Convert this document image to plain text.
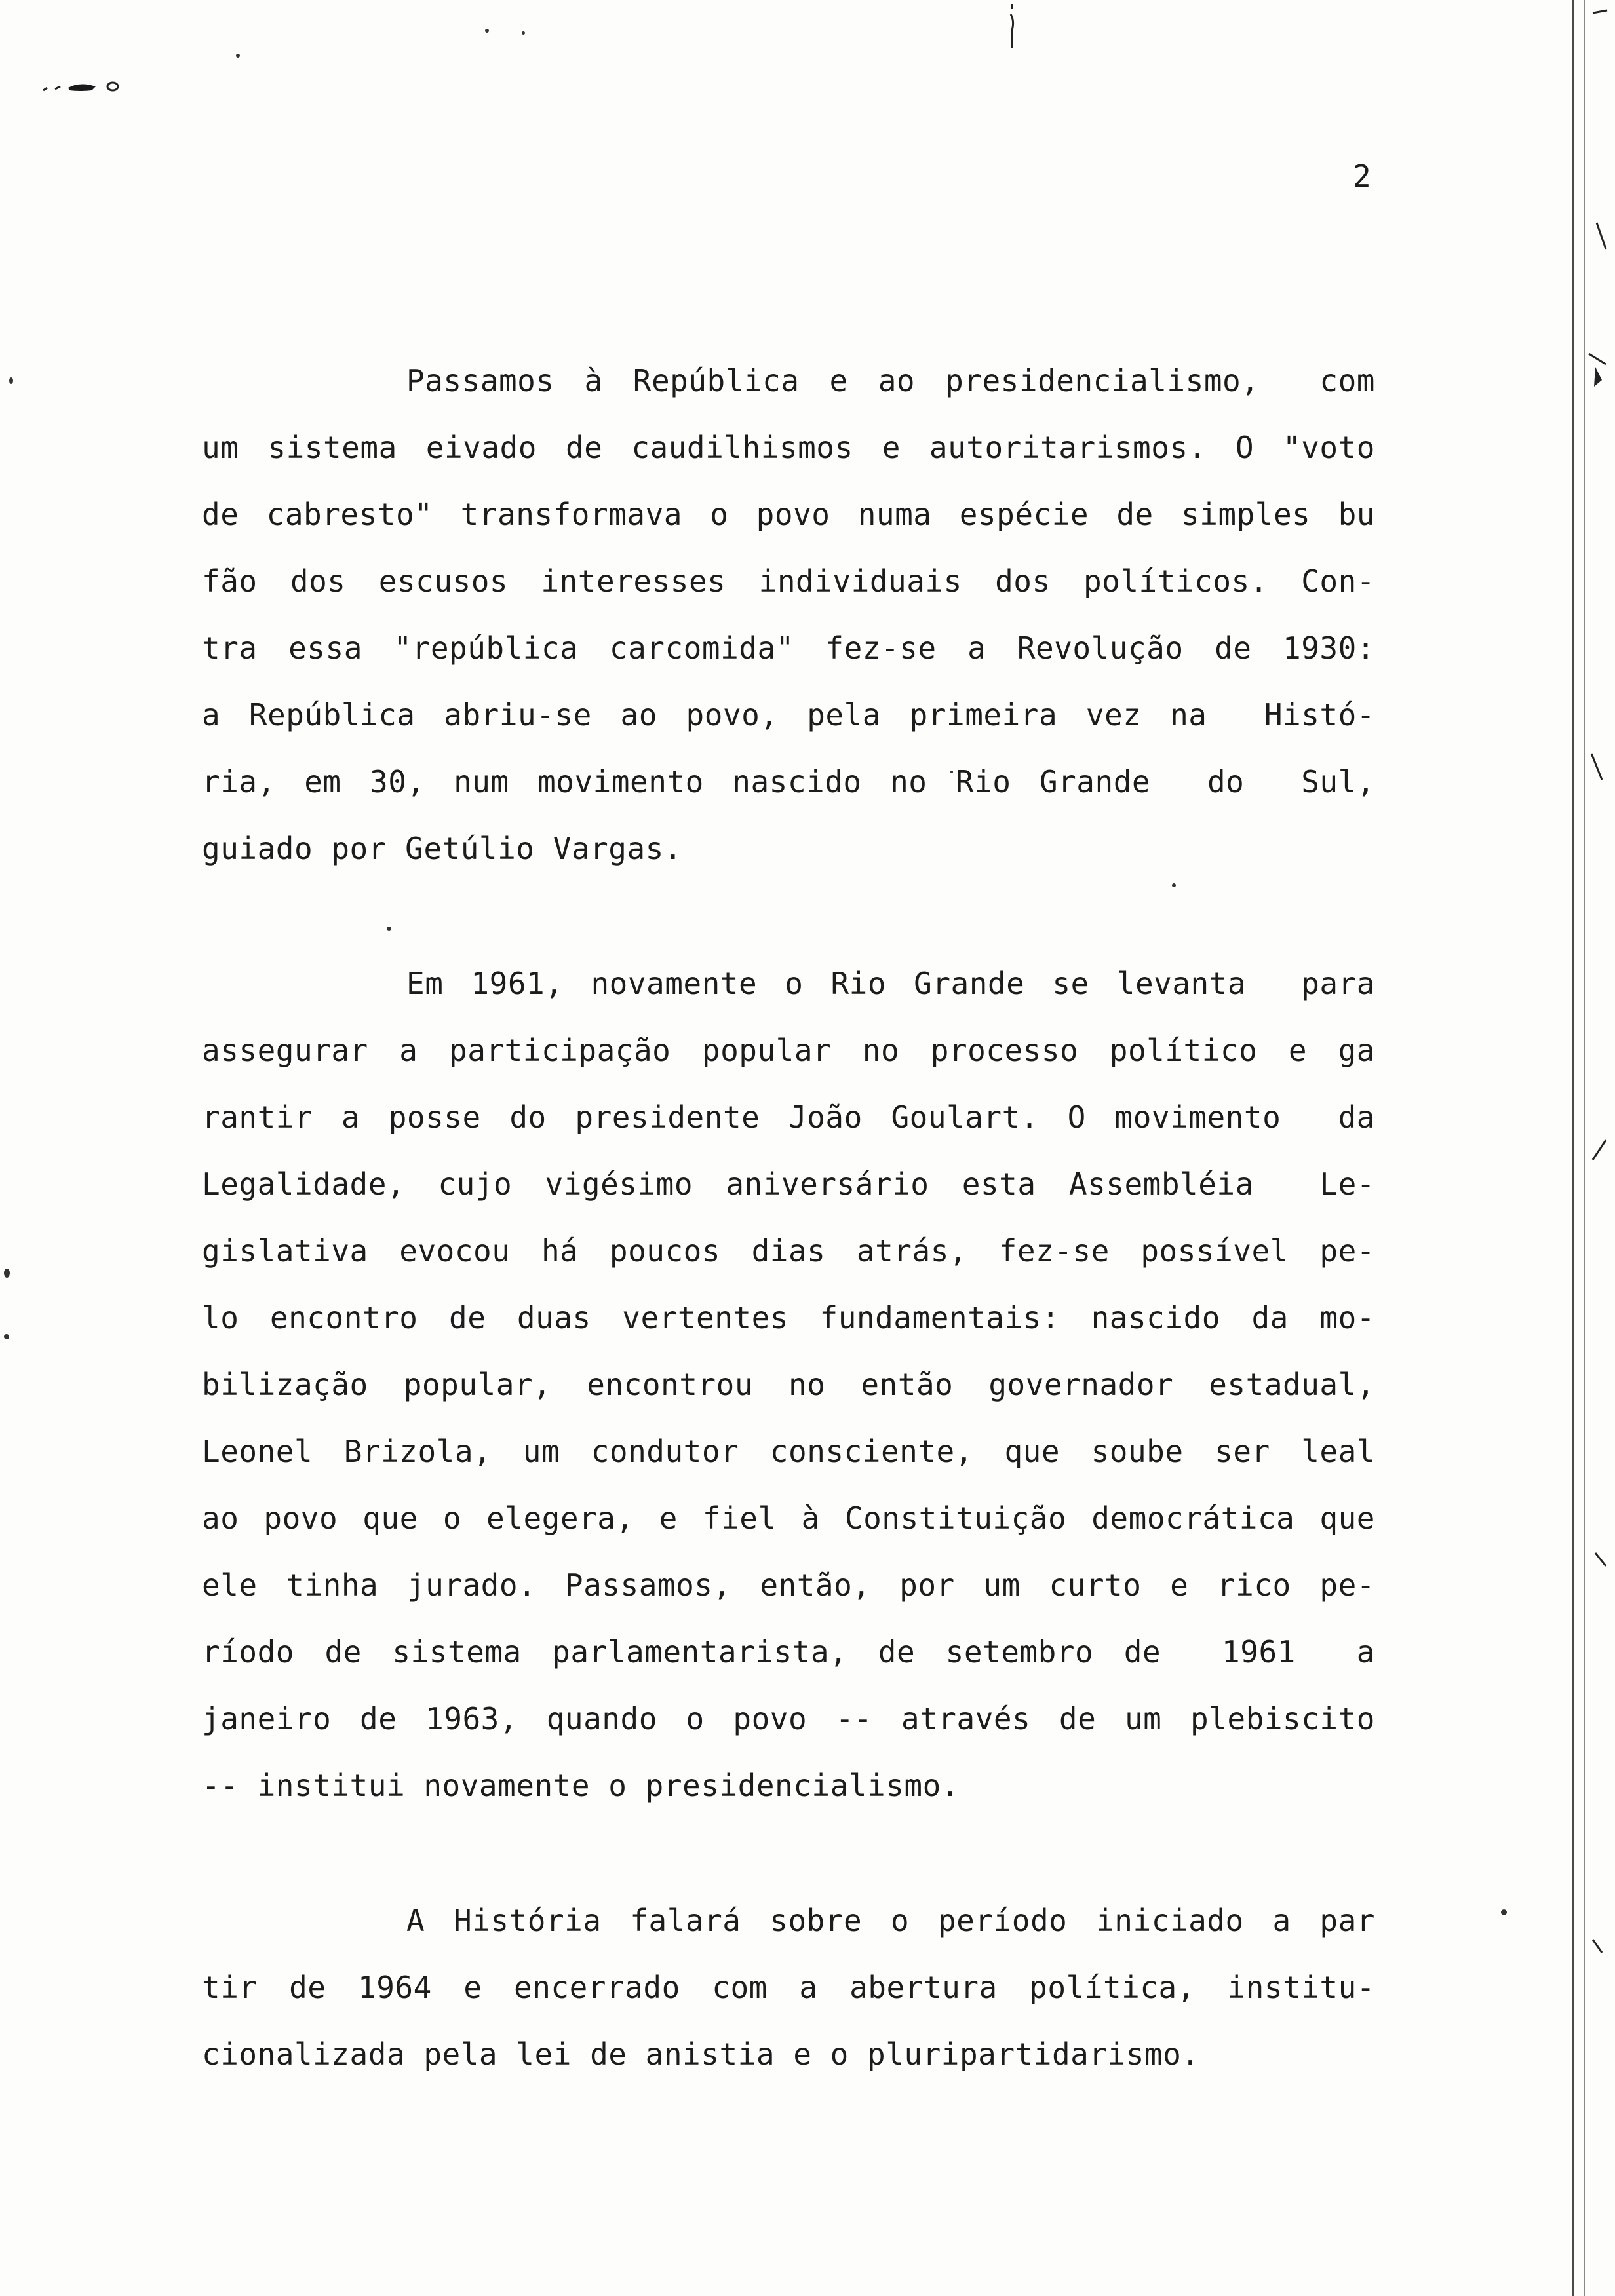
2
Passamos à República e ao presidencialismo,  com
um sistema eivado de caudilhismos e autoritarismos. O "voto
de cabresto" transformava o povo numa espécie de simples bu
fão dos escusos interesses individuais dos políticos. Con-
tra essa "república carcomida" fez-se a Revolução de 1930:
a República abriu-se ao povo, pela primeira vez na  Histó-
ria, em 30, num movimento nascido no Rio Grande  do  Sul,
guiado por Getúlio Vargas.
Em 1961, novamente o Rio Grande se levanta  para
assegurar a participação popular no processo político e ga
rantir a posse do presidente João Goulart. O movimento  da
Legalidade, cujo vigésimo aniversário esta Assembléia  Le-
gislativa evocou há poucos dias atrás, fez-se possível pe-
lo encontro de duas vertentes fundamentais: nascido da mo-
bilização popular, encontrou no então governador estadual,
Leonel Brizola, um condutor consciente, que soube ser leal
ao povo que o elegera, e fiel à Constituição democrática que
ele tinha jurado. Passamos, então, por um curto e rico pe-
ríodo de sistema parlamentarista, de setembro de  1961  a
janeiro de 1963, quando o povo -- através de um plebiscito
-- institui novamente o presidencialismo.
A História falará sobre o período iniciado a par
tir de 1964 e encerrado com a abertura política, institu-
cionalizada pela lei de anistia e o pluripartidarismo.
